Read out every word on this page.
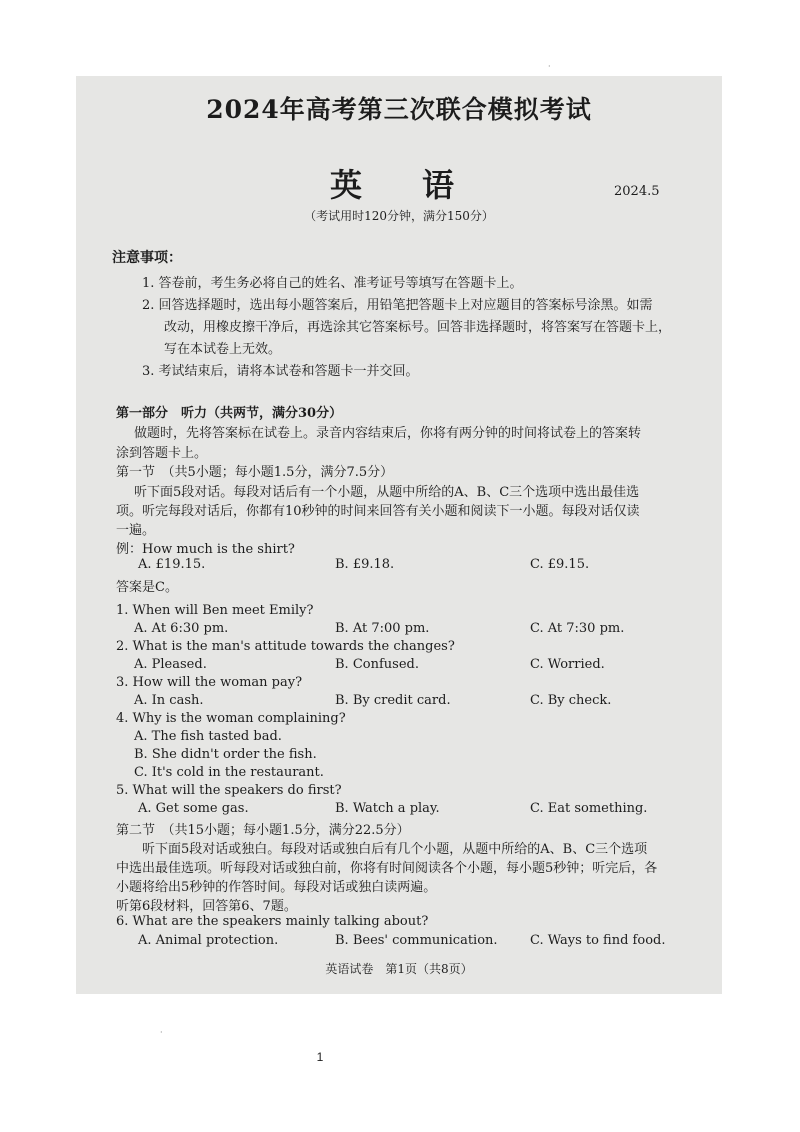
2024年高考第三次联合模拟考试
英　语	2024.5
（考试用时120分钟，满分150分）
注意事项：
1. 答卷前，考生务必将自己的姓名、准考证号等填写在答题卡上。
2. 回答选择题时，选出每小题答案后，用铅笔把答题卡上对应题目的答案标号涂黑。如需
改动，用橡皮擦干净后，再选涂其它答案标号。回答非选择题时，将答案写在答题卡上，
写在本试卷上无效。
3. 考试结束后，请将本试卷和答题卡一并交回。
第一部分　听力（共两节，满分30分）
做题时，先将答案标在试卷上。录音内容结束后，你将有两分钟的时间将试卷上的答案转
涂到答题卡上。
第一节　（共5小题；每小题1.5分，满分7.5分）
听下面5段对话。每段对话后有一个小题，从题中所给的A、B、C三个选项中选出最佳选
项。听完每段对话后，你都有10秒钟的时间来回答有关小题和阅读下一小题。每段对话仅读
一遍。
例：How much is the shirt?
A. £19.15.	B. £9.18.	C. £9.15.
答案是C。
1. When will Ben meet Emily?
A. At 6:30 pm.	B. At 7:00 pm.	C. At 7:30 pm.
2. What is the man's attitude towards the changes?
A. Pleased.	B. Confused.	C. Worried.
3. How will the woman pay?
A. In cash.	B. By credit card.	C. By check.
4. Why is the woman complaining?
A. The fish tasted bad.
B. She didn't order the fish.
C. It's cold in the restaurant.
5. What will the speakers do first?
A. Get some gas.	B. Watch a play.	C. Eat something.
第二节　（共15小题；每小题1.5分，满分22.5分）
听下面5段对话或独白。每段对话或独白后有几个小题，从题中所给的A、B、C三个选项
中选出最佳选项。听每段对话或独白前，你将有时间阅读各个小题，每小题5秒钟；听完后，各
小题将给出5秒钟的作答时间。每段对话或独白读两遍。
听第6段材料，回答第6、7题。
6. What are the speakers mainly talking about?
A. Animal protection.	B. Bees' communication. C. Ways to find food.
英语试卷　第1页（共8页）
·
·
1
